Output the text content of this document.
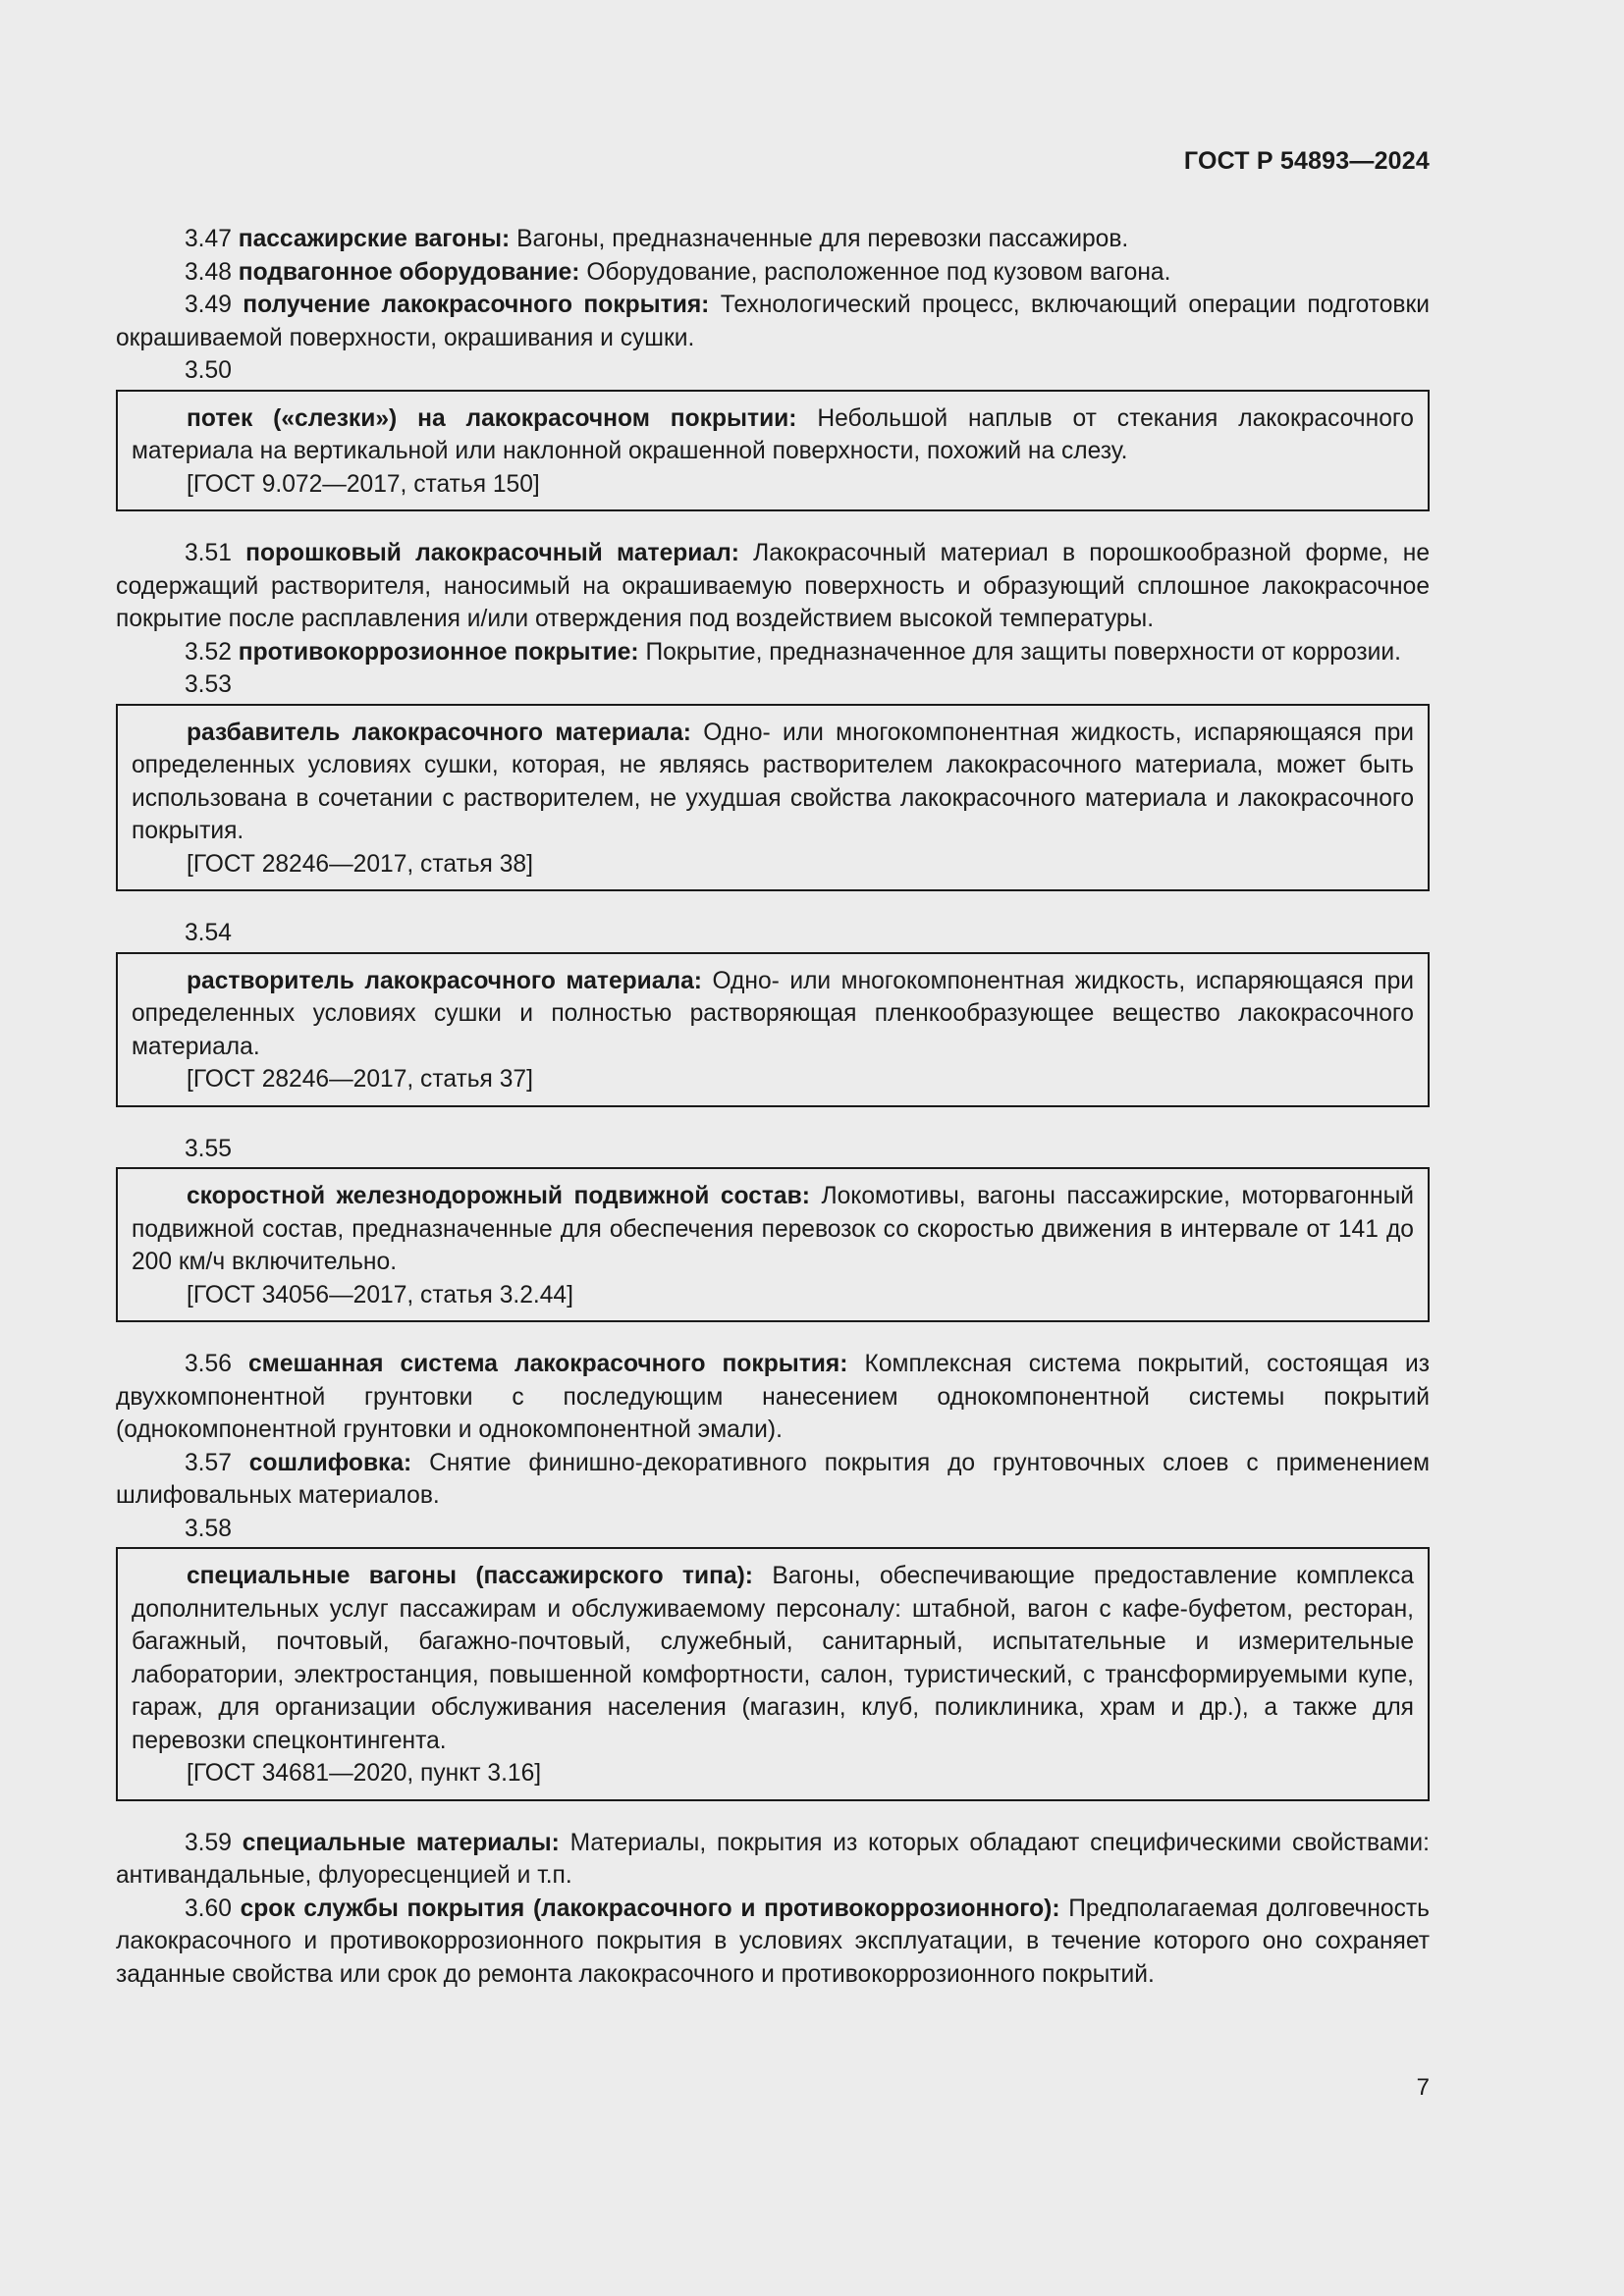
ГОСТ Р 54893—2024

3.47 пассажирские вагоны: Вагоны, предназначенные для перевозки пассажиров.

3.48 подвагонное оборудование: Оборудование, расположенное под кузовом вагона.

3.49 получение лакокрасочного покрытия: Технологический процесс, включающий операции подготовки окрашиваемой поверхности, окрашивания и сушки.

3.50

потек («слезки») на лакокрасочном покрытии: Небольшой наплыв от стекания лакокрасочного материала на вертикальной или наклонной окрашенной поверхности, похожий на слезу.

[ГОСТ 9.072—2017, статья 150]

3.51 порошковый лакокрасочный материал: Лакокрасочный материал в порошкообразной форме, не содержащий растворителя, наносимый на окрашиваемую поверхность и образующий сплошное лакокрасочное покрытие после расплавления и/или отверждения под воздействием высокой температуры.

3.52 противокоррозионное покрытие: Покрытие, предназначенное для защиты поверхности от коррозии.

3.53

разбавитель лакокрасочного материала: Одно- или многокомпонентная жидкость, испаряющаяся при определенных условиях сушки, которая, не являясь растворителем лакокрасочного материала, может быть использована в сочетании с растворителем, не ухудшая свойства лакокрасочного материала и лакокрасочного покрытия.

[ГОСТ 28246—2017, статья 38]

3.54

растворитель лакокрасочного материала: Одно- или многокомпонентная жидкость, испаряющаяся при определенных условиях сушки и полностью растворяющая пленкообразующее вещество лакокрасочного материала.

[ГОСТ 28246—2017, статья 37]

3.55

скоростной железнодорожный подвижной состав: Локомотивы, вагоны пассажирские, моторвагонный подвижной состав, предназначенные для обеспечения перевозок со скоростью движения в интервале от 141 до 200 км/ч включительно.

[ГОСТ 34056—2017, статья 3.2.44]

3.56 смешанная система лакокрасочного покрытия: Комплексная система покрытий, состоящая из двухкомпонентной грунтовки с последующим нанесением однокомпонентной системы покрытий (однокомпонентной грунтовки и однокомпонентной эмали).

3.57 сошлифовка: Снятие финишно-декоративного покрытия до грунтовочных слоев с применением шлифовальных материалов.

3.58

специальные вагоны (пассажирского типа): Вагоны, обеспечивающие предоставление комплекса дополнительных услуг пассажирам и обслуживаемому персоналу: штабной, вагон с кафе-буфетом, ресторан, багажный, почтовый, багажно-почтовый, служебный, санитарный, испытательные и измерительные лаборатории, электростанция, повышенной комфортности, салон, туристический, с трансформируемыми купе, гараж, для организации обслуживания населения (магазин, клуб, поликлиника, храм и др.), а также для перевозки спецконтингента.

[ГОСТ 34681—2020, пункт 3.16]

3.59 специальные материалы: Материалы, покрытия из которых обладают специфическими свойствами: антивандальные, флуоресценцией и т.п.

3.60 срок службы покрытия (лакокрасочного и противокоррозионного): Предполагаемая долговечность лакокрасочного и противокоррозионного покрытия в условиях эксплуатации, в течение которого оно сохраняет заданные свойства или срок до ремонта лакокрасочного и противокоррозионного покрытий.

7
